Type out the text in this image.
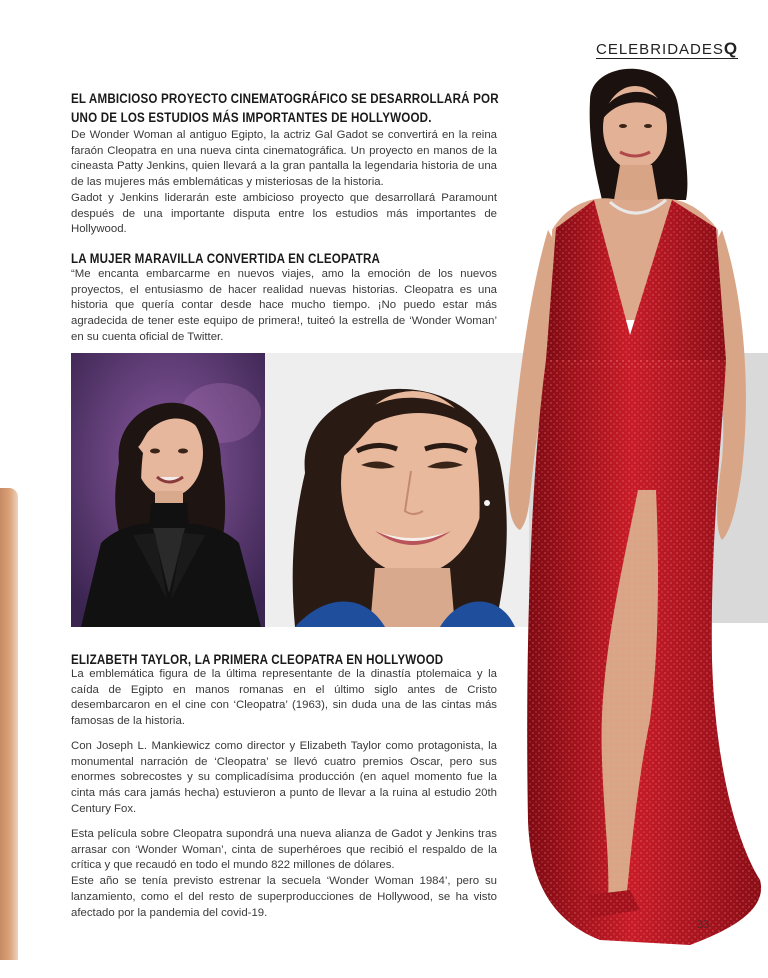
CELEBRIDADESQ
EL AMBICIOSO PROYECTO CINEMATOGRÁFICO SE DESARROLLARÁ POR UNO DE LOS ESTUDIOS MÁS IMPORTANTES DE HOLLYWOOD.

De Wonder Woman al antiguo Egipto, la actriz Gal Gadot se convertirá en la reina faraón Cleopatra en una nueva cinta cinematográfica. Un proyecto en manos de la cineasta Patty Jenkins, quien llevará a la gran pantalla la legendaria historia de una de las mujeres más emblemáticas y misteriosas de la historia.

Gadot y Jenkins liderarán este ambicioso proyecto que desarrollará Paramount después de una importante disputa entre los estudios más importantes de Hollywood.

LA MUJER MARAVILLA CONVERTIDA EN CLEOPATRA

“Me encanta embarcarme en nuevos viajes, amo la emoción de los nuevos proyectos, el entusiasmo de hacer realidad nuevas historias. Cleopatra es una historia que quería contar desde hace mucho tiempo. ¡No puedo estar más agradecida de tener este equipo de primera!, tuiteó la estrella de ‘Wonder Woman’ en su cuenta oficial de Twitter.

ELIZABETH TAYLOR, LA PRIMERA CLEOPATRA EN HOLLYWOOD

La emblemática figura de la última representante de la dinastía ptolemaica y la caída de Egipto en manos romanas en el último siglo antes de Cristo desembarcaron en el cine con ‘Cleopatra’ (1963), sin duda una de las cintas más famosas de la historia.

Con Joseph L. Mankiewicz como director y Elizabeth Taylor como protagonista, la monumental narración de ‘Cleopatra’ se llevó cuatro premios Oscar, pero sus enormes sobrecostes y su complicadísima producción (en aquel momento fue la cinta más cara jamás hecha) estuvieron a punto de llevar a la ruina al estudio 20th Century Fox.

Esta película sobre Cleopatra supondrá una nueva alianza de Gadot y Jenkins tras arrasar con ‘Wonder Woman’, cinta de superhéroes que recibió el respaldo de la crítica y que recaudó en todo el mundo 822 millones de dólares.

Este año se tenía previsto estrenar la secuela ‘Wonder Woman 1984’, pero su lanzamiento, como el del resto de superproducciones de Hollywood, se ha visto afectado por la pandemia del covid-19.

33
